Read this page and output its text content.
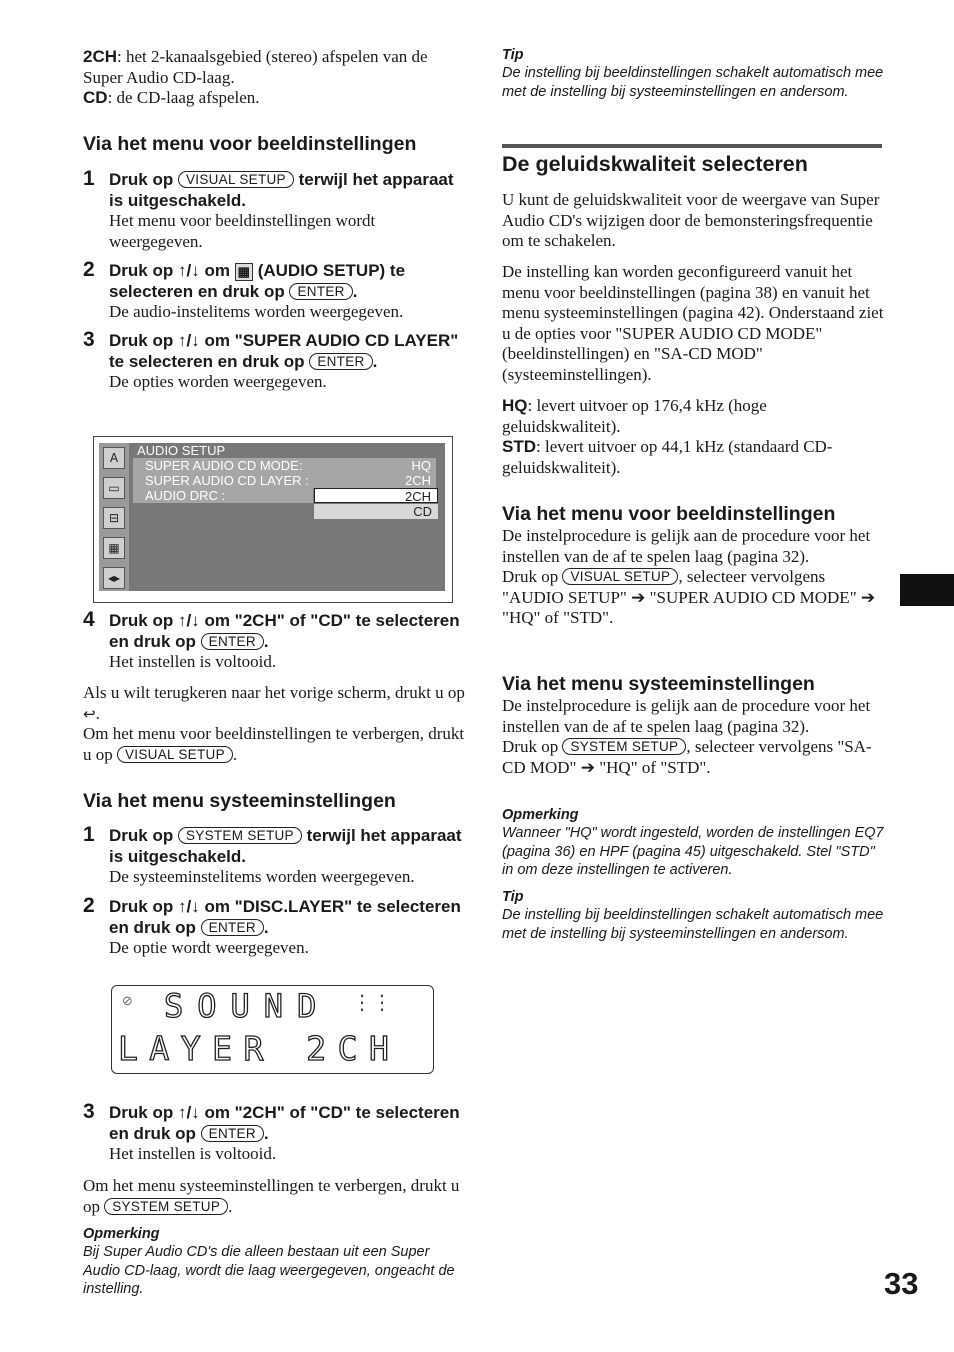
2CH: het 2-kanaalsgebied (stereo) afspelen van de Super Audio CD-laag.
CD: de CD-laag afspelen.
Via het menu voor beeldinstellingen
1 Druk op VISUAL SETUP terwijl het apparaat is uitgeschakeld.
Het menu voor beeldinstellingen wordt weergegeven.
2 Druk op ↑/↓ om ▦ (AUDIO SETUP) te selecteren en druk op ENTER .
De audio-instelitems worden weergegeven.
3 Druk op ↑/↓ om "SUPER AUDIO CD LAYER" te selecteren en druk op ENTER .
De opties worden weergegeven.
A
▭
⊟
▦
◂▸
AUDIO SETUP
SUPER AUDIO CD MODE:	HQ
SUPER AUDIO CD LAYER :	2CH
AUDIO DRC :	2CH
CD
4 Druk op ↑/↓ om "2CH" of "CD" te selecteren en druk op ENTER .
Het instellen is voltooid.
Als u wilt terugkeren naar het vorige scherm, drukt u op ↩.
Om het menu voor beeldinstellingen te verbergen, drukt u op VISUAL SETUP .
Via het menu systeeminstellingen
1 Druk op SYSTEM SETUP terwijl het apparaat is uitgeschakeld.
De systeeminstelitems worden weergegeven.
2 Druk op ↑/↓ om "DISC.LAYER" te selecteren en druk op ENTER .
De optie wordt weergegeven.
⊘ SOUND ⋮⋮
LAYER 2CH
3 Druk op ↑/↓ om "2CH" of "CD" te selecteren en druk op ENTER .
Het instellen is voltooid.
Om het menu systeeminstellingen te verbergen, drukt u op SYSTEM SETUP .
Opmerking
Bij Super Audio CD's die alleen bestaan uit een Super Audio CD-laag, wordt die laag weergegeven, ongeacht de instelling.
Tip
De instelling bij beeldinstellingen schakelt automatisch mee met de instelling bij systeeminstellingen en andersom.
De geluidskwaliteit selecteren
U kunt de geluidskwaliteit voor de weergave van Super Audio CD's wijzigen door de bemonsteringsfrequentie om te schakelen.
De instelling kan worden geconfigureerd vanuit het menu voor beeldinstellingen (pagina 38) en vanuit het menu systeeminstellingen (pagina 42). Onderstaand ziet u de opties voor "SUPER AUDIO CD MODE" (beeldinstellingen) en "SA-CD MOD" (systeeminstellingen).
HQ: levert uitvoer op 176,4 kHz (hoge geluidskwaliteit).
STD: levert uitvoer op 44,1 kHz (standaard CD-geluidskwaliteit).
Via het menu voor beeldinstellingen
De instelprocedure is gelijk aan de procedure voor het instellen van de af te spelen laag (pagina 32).
Druk op VISUAL SETUP , selecteer vervolgens "AUDIO SETUP" ➔ "SUPER AUDIO CD MODE" ➔ "HQ" of "STD".
Via het menu systeeminstellingen
De instelprocedure is gelijk aan de procedure voor het instellen van de af te spelen laag (pagina 32).
Druk op SYSTEM SETUP , selecteer vervolgens "SA-CD MOD" ➔ "HQ" of "STD".
Opmerking
Wanneer "HQ" wordt ingesteld, worden de instellingen EQ7 (pagina 36) en HPF (pagina 45) uitgeschakeld. Stel "STD" in om deze instellingen te activeren.
Tip
De instelling bij beeldinstellingen schakelt automatisch mee met de instelling bij systeeminstellingen en andersom.
33
